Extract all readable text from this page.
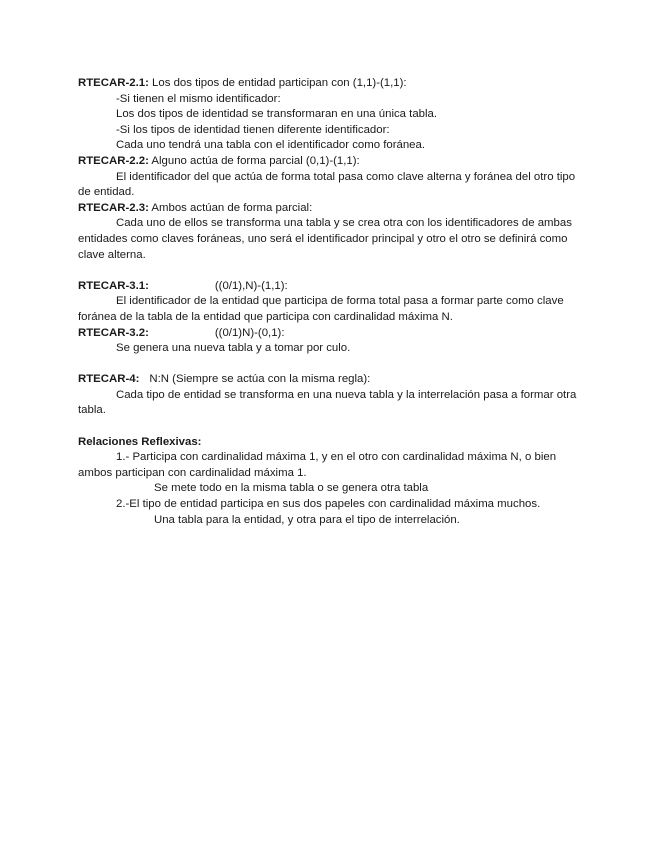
RTECAR-2.1: Los dos tipos de entidad participan con (1,1)-(1,1):

-Si tienen el mismo identificador:

Los dos tipos de identidad se transformaran en una única tabla.

-Si los tipos de identidad tienen diferente identificador:

Cada uno tendrá una tabla con el identificador como foránea.

RTECAR-2.2: Alguno actúa de forma parcial (0,1)-(1,1):

El identificador del que actúa de forma total pasa como clave alterna y foránea del otro tipo de entidad.

RTECAR-2.3: Ambos actúan de forma parcial:

Cada uno de ellos se transforma una tabla y se crea otra con los identificadores de ambas entidades como claves foráneas, uno será el identificador principal y otro el otro se definirá como clave alterna.

RTECAR-3.1:	((0/1),N)-(1,1):

El identificador de la entidad que participa de forma total pasa a formar parte como clave foránea de la tabla de la entidad que participa con cardinalidad máxima N.

RTECAR-3.2:	((0/1)N)-(0,1):

Se genera una nueva tabla y a tomar por culo.

RTECAR-4: N:N (Siempre se actúa con la misma regla):

Cada tipo de entidad se transforma en una nueva tabla y la interrelación pasa a formar otra tabla.

Relaciones Reflexivas:

1.- Participa con cardinalidad máxima 1, y en el otro con cardinalidad máxima N, o bien ambos participan con cardinalidad máxima 1.

Se mete todo en la misma tabla o se genera otra tabla

2.-El tipo de entidad participa en sus dos papeles con cardinalidad máxima muchos.

Una tabla para la entidad, y otra para el tipo de interrelación.
